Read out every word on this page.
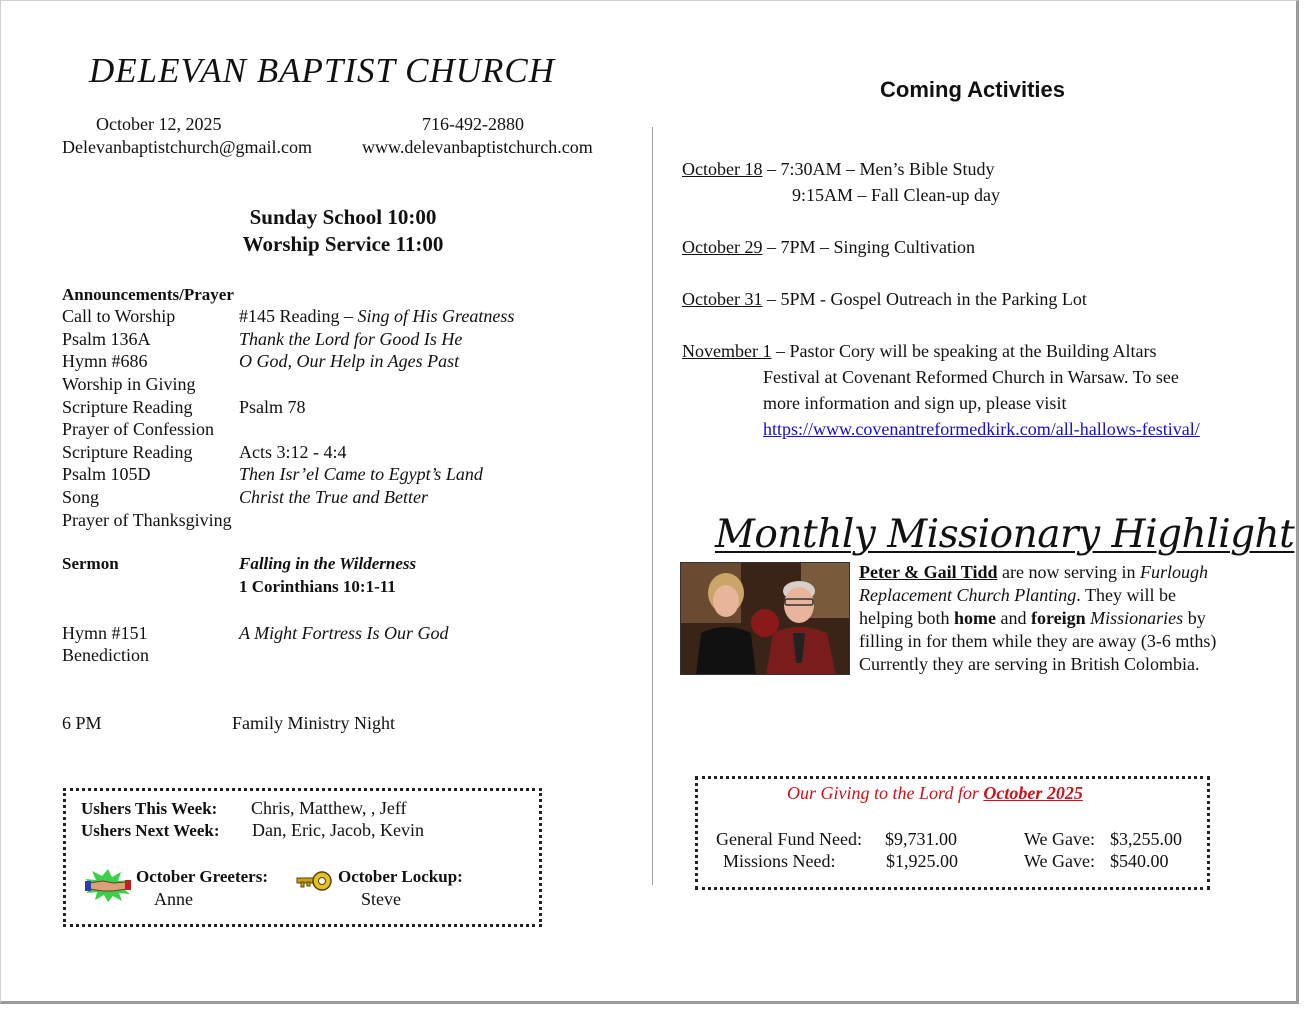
DELEVAN BAPTIST CHURCH
October 12, 2025	716-492-2880
Delevanbaptistchurch@gmail.com	www.delevanbaptistchurch.com
Sunday School 10:00
Worship Service 11:00
Announcements/Prayer
Call to Worship	#145 Reading – Sing of His Greatness
Psalm 136A	Thank the Lord for Good Is He
Hymn #686	O God, Our Help in Ages Past
Worship in Giving
Scripture Reading	Psalm 78
Prayer of Confession
Scripture Reading	Acts 3:12 - 4:4
Psalm 105D	Then Isr’el Came to Egypt’s Land
Song	Christ the True and Better
Prayer of Thanksgiving
Sermon	Falling in the Wilderness
1 Corinthians 10:1-11
Hymn #151	A Might Fortress Is Our God
Benediction
6 PM	Family Ministry Night
Ushers This Week: Chris, Matthew, , Jeff
Ushers Next Week: Dan, Eric, Jacob, Kevin
October Greeters:
Anne
October Lockup:
Steve
Coming Activities
October 18 – 7:30AM – Men’s Bible Study
9:15AM – Fall Clean-up day
October 29 – 7PM – Singing Cultivation
October 31 – 5PM - Gospel Outreach in the Parking Lot
November 1 – Pastor Cory will be speaking at the Building Altars
Festival at Covenant Reformed Church in Warsaw. To see
more information and sign up, please visit
https://www.covenantreformedkirk.com/all-hallows-festival/
Monthly Missionary Highlight
Peter & Gail Tidd are now serving in Furlough
Replacement Church Planting. They will be
helping both home and foreign Missionaries by
filling in for them while they are away (3-6 mths)
Currently they are serving in British Colombia.
Our Giving to the Lord for October 2025
General Fund Need: $9,731.00	We Gave: $3,255.00
Missions Need:	$1,925.00	We Gave: $540.00
